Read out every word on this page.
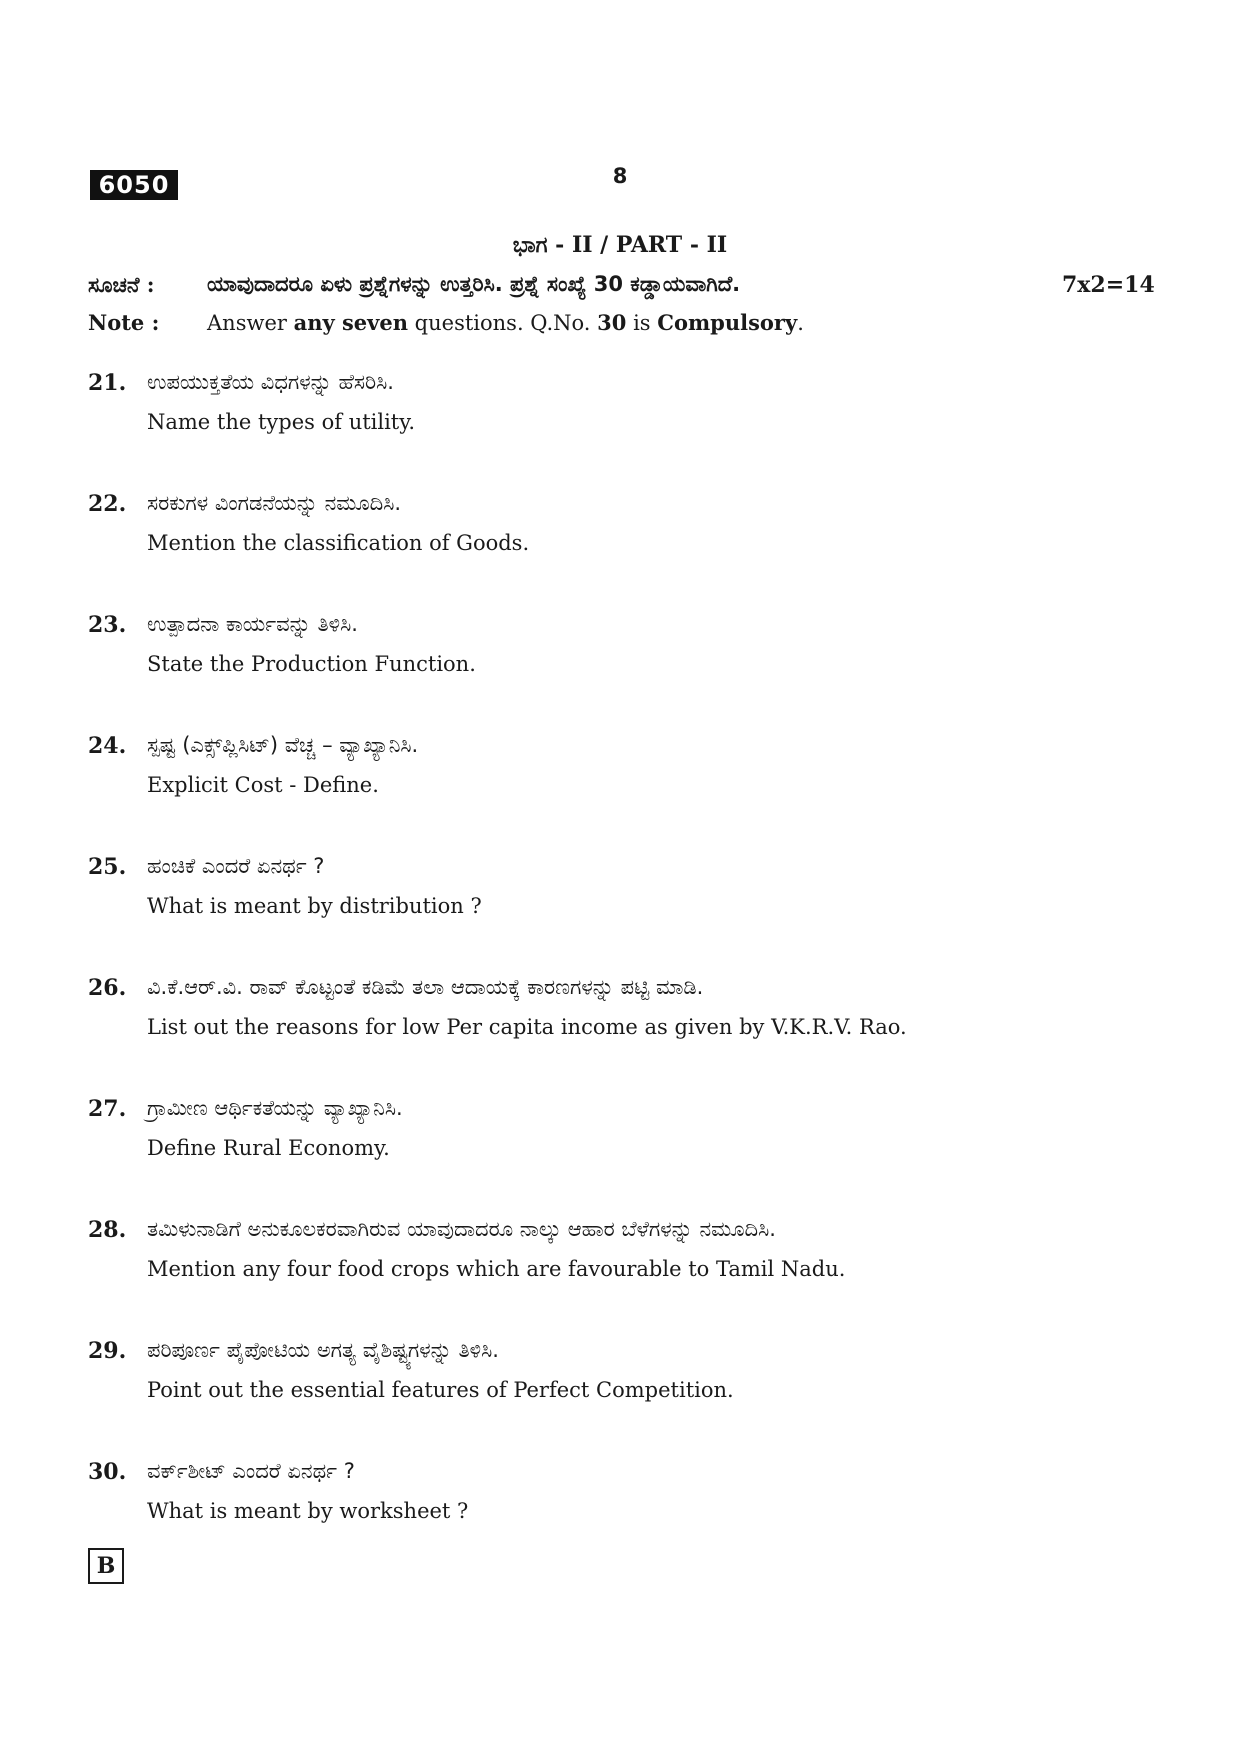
6050	8
ಭಾಗ - II / PART - II
ಸೂಚನೆ :	ಯಾವುದಾದರೂ ಏಳು ಪ್ರಶ್ನೆಗಳನ್ನು ಉತ್ತರಿಸಿ. ಪ್ರಶ್ನೆ ಸಂಖ್ಯೆ 30 ಕಡ್ಡಾಯವಾಗಿದೆ.	7x2=14
Note : Answer any seven questions. Q.No. 30 is Compulsory.
21. ಉಪಯುಕ್ತತೆಯ ವಿಧಗಳನ್ನು ಹೆಸರಿಸಿ.
Name the types of utility.
22. ಸರಕುಗಳ ವಿಂಗಡನೆಯನ್ನು ನಮೂದಿಸಿ.
Mention the classification of Goods.
23. ಉತ್ಪಾದನಾ ಕಾರ್ಯವನ್ನು ತಿಳಿಸಿ.
State the Production Function.
24. ಸ್ಪಷ್ಟ (ಎಕ್ಸ್‌ಪ್ಲಿಸಿಟ್) ವೆಚ್ಚ – ವ್ಯಾಖ್ಯಾನಿಸಿ.
Explicit Cost - Define.
25. ಹಂಚಿಕೆ ಎಂದರೆ ಏನರ್ಥ ?
What is meant by distribution ?
26. ವಿ.ಕೆ.ಆರ್.ವಿ. ರಾವ್ ಕೊಟ್ಟಂತೆ ಕಡಿಮೆ ತಲಾ ಆದಾಯಕ್ಕೆ ಕಾರಣಗಳನ್ನು ಪಟ್ಟಿ ಮಾಡಿ.
List out the reasons for low Per capita income as given by V.K.R.V. Rao.
27. ಗ್ರಾಮೀಣ ಆರ್ಥಿಕತೆಯನ್ನು ವ್ಯಾಖ್ಯಾನಿಸಿ.
Define Rural Economy.
28. ತಮಿಳುನಾಡಿಗೆ ಅನುಕೂಲಕರವಾಗಿರುವ ಯಾವುದಾದರೂ ನಾಲ್ಕು ಆಹಾರ ಬೆಳೆಗಳನ್ನು ನಮೂದಿಸಿ.
Mention any four food crops which are favourable to Tamil Nadu.
29. ಪರಿಪೂರ್ಣ ಪೈಪೋಟಿಯ ಅಗತ್ಯ ವೈಶಿಷ್ಟ್ಯಗಳನ್ನು ತಿಳಿಸಿ.
Point out the essential features of Perfect Competition.
30. ವರ್ಕ್‌ಶೀಟ್ ಎಂದರೆ ಏನರ್ಥ ?
What is meant by worksheet ?
B
